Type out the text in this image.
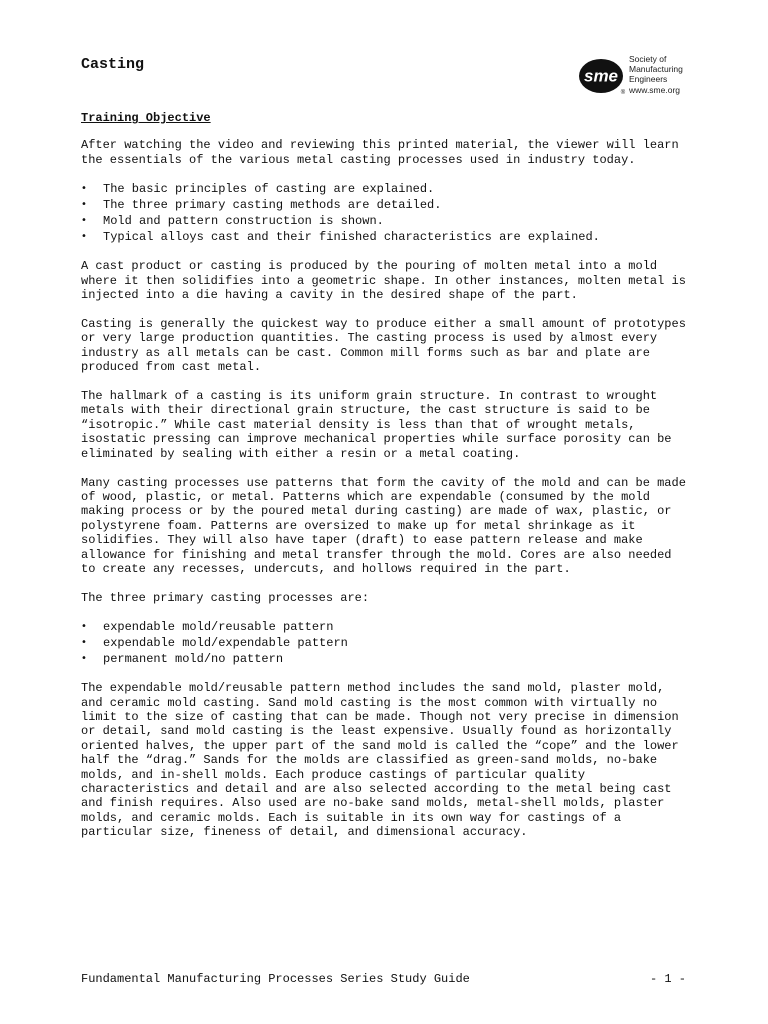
Casting
sme
®
Society of
Manufacturing
Engineers
www.sme.org
Training Objective

After watching the video and reviewing this printed material, the viewer will learn the essentials of the various metal casting processes used in industry today.

• The basic principles of casting are explained.
• The three primary casting methods are detailed.
• Mold and pattern construction is shown.
• Typical alloys cast and their finished characteristics are explained.

A cast product or casting is produced by the pouring of molten metal into a mold where it then solidifies into a geometric shape. In other instances, molten metal is injected into a die having a cavity in the desired shape of the part.

Casting is generally the quickest way to produce either a small amount of prototypes or very large production quantities. The casting process is used by almost every industry as all metals can be cast. Common mill forms such as bar and plate are produced from cast metal.

The hallmark of a casting is its uniform grain structure. In contrast to wrought metals with their directional grain structure, the cast structure is said to be “isotropic.” While cast material density is less than that of wrought metals, isostatic pressing can improve mechanical properties while surface porosity can be eliminated by sealing with either a resin or a metal coating.

Many casting processes use patterns that form the cavity of the mold and can be made of wood, plastic, or metal. Patterns which are expendable (consumed by the mold making process or by the poured metal during casting) are made of wax, plastic, or polystyrene foam. Patterns are oversized to make up for metal shrinkage as it solidifies. They will also have taper (draft) to ease pattern release and make allowance for finishing and metal transfer through the mold. Cores are also needed to create any recesses, undercuts, and hollows required in the part.

The three primary casting processes are:

• expendable mold/reusable pattern
• expendable mold/expendable pattern
• permanent mold/no pattern

The expendable mold/reusable pattern method includes the sand mold, plaster mold, and ceramic mold casting. Sand mold casting is the most common with virtually no limit to the size of casting that can be made. Though not very precise in dimension or detail, sand mold casting is the least expensive. Usually found as horizontally oriented halves, the upper part of the sand mold is called the “cope” and the lower half the “drag.” Sands for the molds are classified as green-sand molds, no-bake molds, and in-shell molds. Each produce castings of particular quality characteristics and detail and are also selected according to the metal being cast and finish requires. Also used are no-bake sand molds, metal-shell molds, plaster molds, and ceramic molds. Each is suitable in its own way for castings of a particular size, fineness of detail, and dimensional accuracy.

Fundamental Manufacturing Processes Series Study Guide	- 1 -
